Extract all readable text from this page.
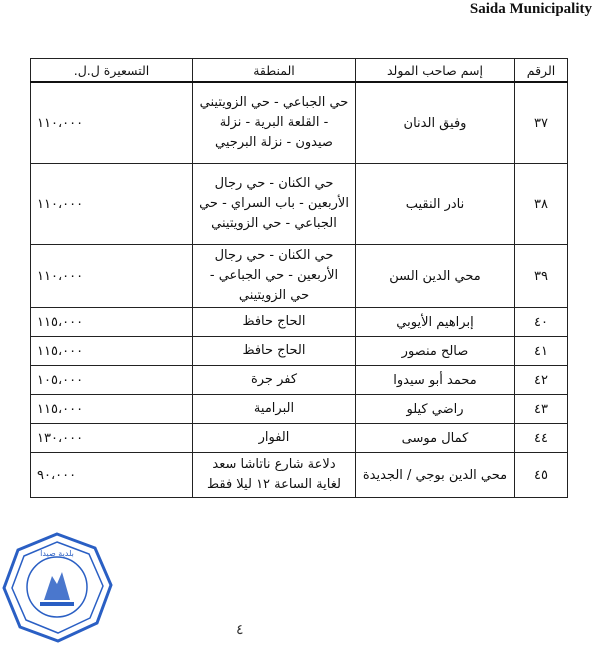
Saida Municipality
الرقم	إسم صاحب المولد	المنطقة	التسعيرة ل.ل.
٣٧	وفيق الدنان	حي الجباعي - حي الزويتيني - القلعة البرية - نزلة صيدون - نزلة البرجيي	١١٠،٠٠٠
٣٨	نادر النقيب	حي الكنان - حي رجال الأربعين - باب السراي - حي الجباعي - حي الزويتيني	١١٠،٠٠٠
٣٩	محي الدين السن	حي الكنان - حي رجال الأربعين - حي الجباعي - حي الزويتيني	١١٠،٠٠٠
٤٠	إبراهيم الأيوبي	الحاج حافظ	١١٥،٠٠٠
٤١	صالح منصور	الحاج حافظ	١١٥،٠٠٠
٤٢	محمد أبو سيدوا	كفر جرة	١٠٥،٠٠٠
٤٣	راضي كيلو	البرامية	١١٥،٠٠٠
٤٤	كمال موسى	الفوار	١٣٠،٠٠٠
٤٥	محي الدين بوجي / الجديدة	دلاعة شارع ناتاشا سعد لغاية الساعة ١٢ ليلا فقط	٩٠،٠٠٠
بلدية صيدا
٤
